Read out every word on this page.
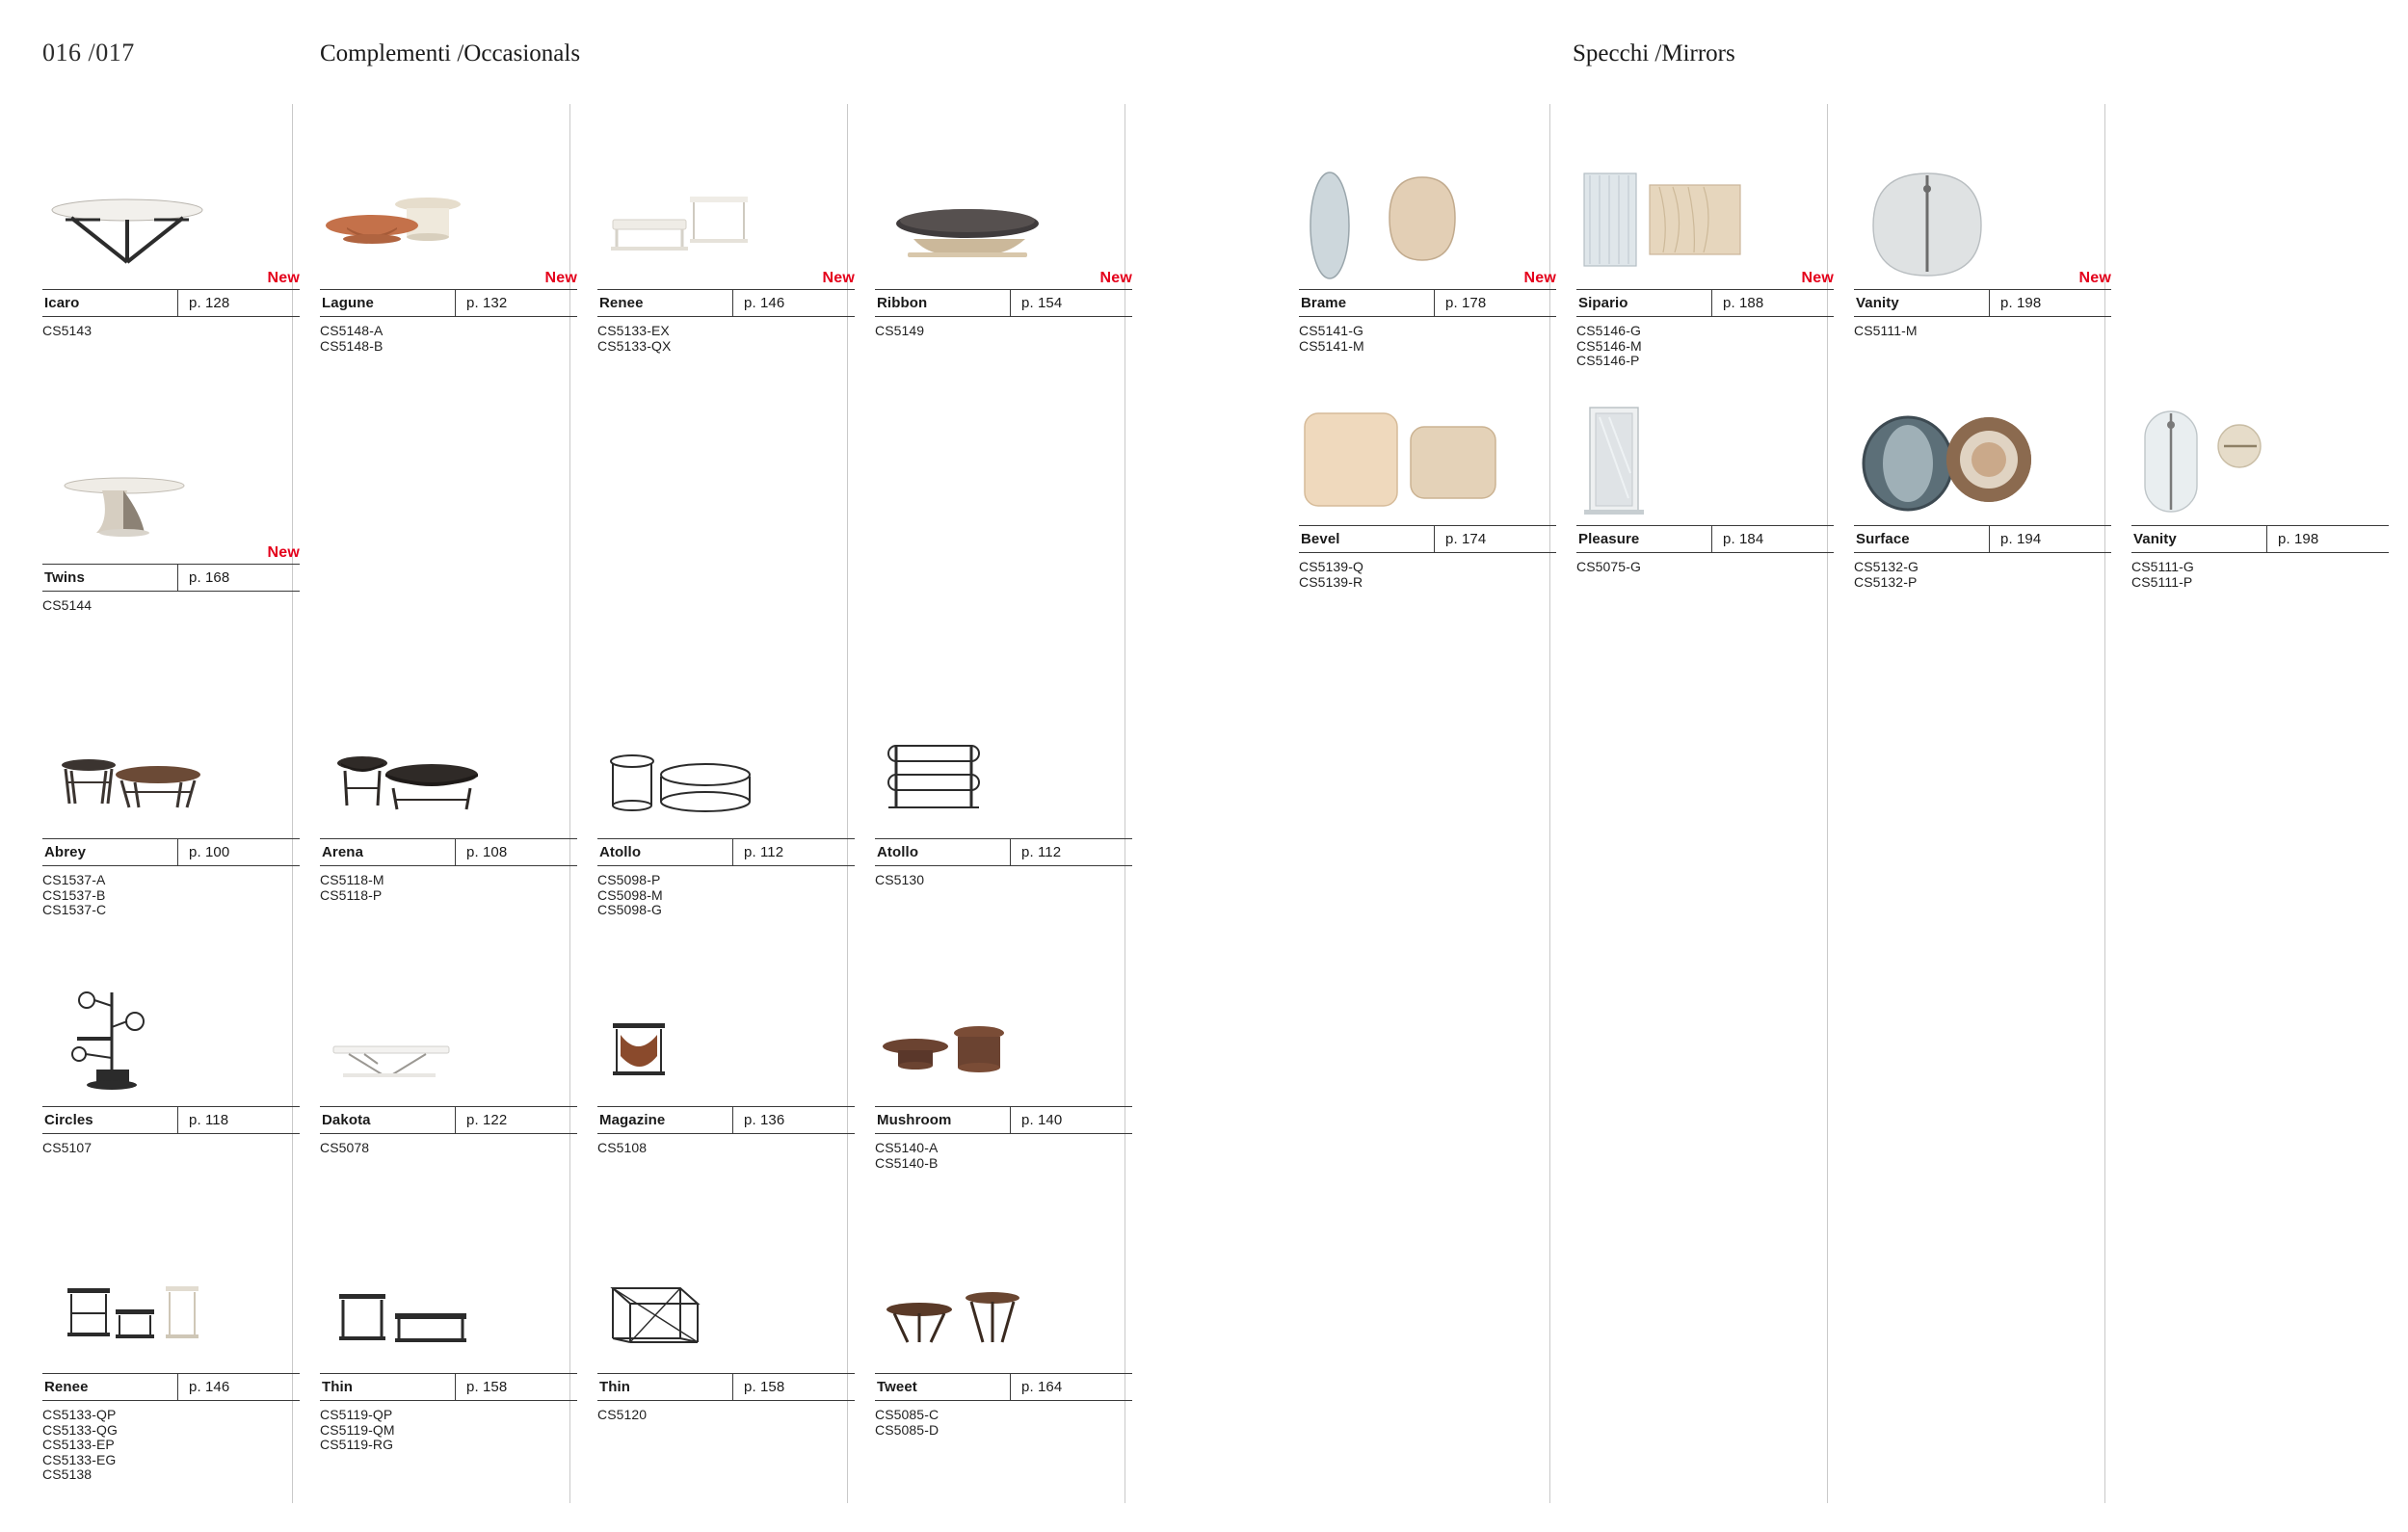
016 /017	Complementi /Occasionals	Specchi /Mirrors
New
Icaro	p. 128
CS5143
New
Twins	p. 168
CS5144
Abrey	p. 100
CS1537-A
CS1537-B
CS1537-C
Circles	p. 118
CS5107
Renee	p. 146
CS5133-QP
CS5133-QG
CS5133-EP
CS5133-EG
CS5138
New
Lagune	p. 132
CS5148-A
CS5148-B
Arena	p. 108
CS5118-M
CS5118-P
Dakota	p. 122
CS5078
Thin	p. 158
CS5119-QP
CS5119-QM
CS5119-RG
New
Renee	p. 146
CS5133-EX
CS5133-QX
Atollo	p. 112
CS5098-P
CS5098-M
CS5098-G
Magazine	p. 136
CS5108
Thin	p. 158
CS5120
New
Ribbon	p. 154
CS5149
Atollo	p. 112
CS5130
Mushroom	p. 140
CS5140-A
CS5140-B
Tweet	p. 164
CS5085-C
CS5085-D
New
Brame	p. 178
CS5141-G
CS5141-M
Bevel	p. 174
CS5139-Q
CS5139-R
New
Sipario	p. 188
CS5146-G
CS5146-M
CS5146-P
Pleasure	p. 184
CS5075-G
New
Vanity	p. 198
CS5111-M
Surface	p. 194
CS5132-G
CS5132-P
Vanity	p. 198
CS5111-G
CS5111-P
